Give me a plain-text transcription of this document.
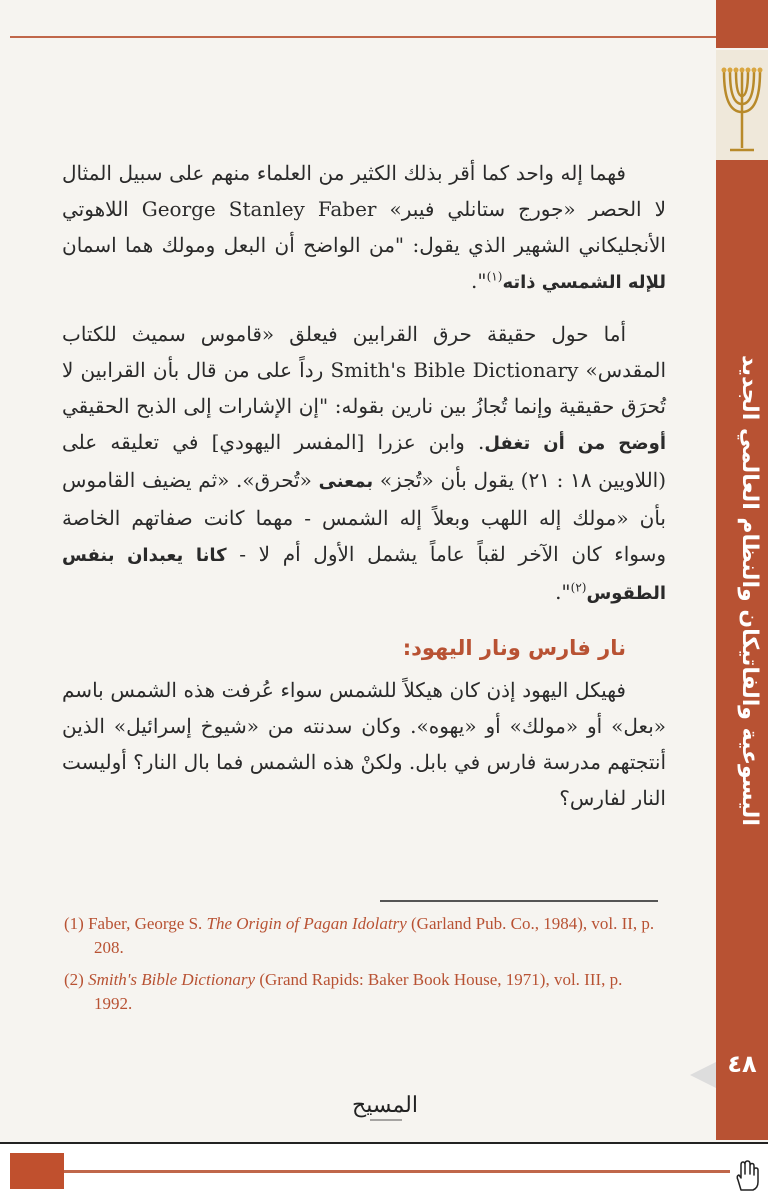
اليسوعية والفاتيكان والنظام العالمي الجديد

فهما إله واحد كما أقر بذلك الكثير من العلماء منهم على سبيل المثال لا الحصر «جورج ستانلي فيبر» George Stanley Faber اللاهوتي الأنجليكاني الشهير الذي يقول: "من الواضح أن البعل ومولك هما اسمان للإله الشمسي ذاته$^{(١)}$".

أما حول حقيقة حرق القرابين فيعلق «قاموس سميث للكتاب المقدس» Smith's Bible Dictionary رداً على من قال بأن القرابين لا تُحرَق حقيقية وإنما تُجازُ بين نارين بقوله: "إن الإشارات إلى الذبح الحقيقي أوضح من أن تغفل. وابن عزرا [المفسر اليهودي] في تعليقه على (اللاويين ١٨ : ٢١) يقول بأن «تُجز» بمعنى «تُحرق». «ثم يضيف القاموس بأن «مولك إله اللهب وبعلاً إله الشمس - مهما كانت صفاتهم الخاصة وسواء كان الآخر لقباً عاماً يشمل الأول أم لا - كانا يعبدان بنفس الطقوس$^{(٢)}$".

نار فارس ونار اليهود:

فهيكل اليهود إذن كان هيكلاً للشمس سواء عُرفت هذه الشمس باسم «بعل» أو «مولك» أو «يهوه». وكان سدنته من «شيوخ إسرائيل» الذين أنتجتهم مدرسة فارس في بابل. ولكنْ هذه الشمس فما بال النار؟ أوليست النار لفارس؟

(1) Faber, George S. The Origin of Pagan Idolatry (Garland Pub. Co., 1984), vol. II, p. 208.

(2) Smith's Bible Dictionary (Grand Rapids: Baker Book House, 1971), vol. III, p. 1992.

٤٨
المسيح
